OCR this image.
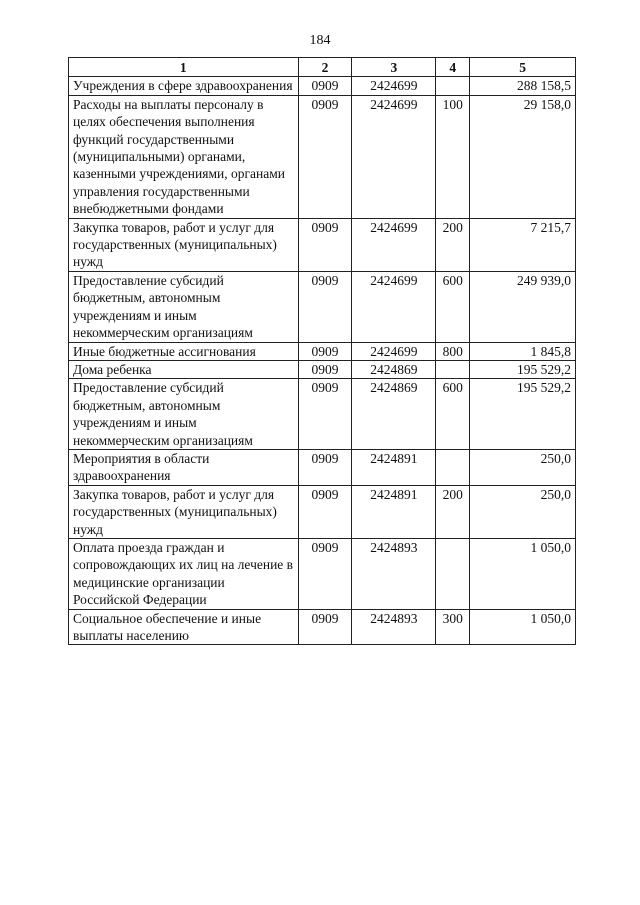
184
1	2	3	4	5
Учреждения в сфере здравоохранения	0909	2424699		288 158,5
Расходы на выплаты персоналу в целях обеспечения выполнения функций государственными (муниципальными) органами, казенными учреждениями, органами управления государственными внебюджетными фондами	0909	2424699	100	29 158,0
Закупка товаров, работ и услуг для государственных (муниципальных) нужд	0909	2424699	200	7 215,7
Предоставление субсидий бюджетным, автономным учреждениям и иным некоммерческим организациям	0909	2424699	600	249 939,0
Иные бюджетные ассигнования	0909	2424699	800	1 845,8
Дома ребенка	0909	2424869		195 529,2
Предоставление субсидий бюджетным, автономным учреждениям и иным некоммерческим организациям	0909	2424869	600	195 529,2
Мероприятия в области здравоохранения	0909	2424891		250,0
Закупка товаров, работ и услуг для государственных (муниципальных) нужд	0909	2424891	200	250,0
Оплата проезда граждан и сопровождающих их лиц на лечение в медицинские организации Российской Федерации	0909	2424893		1 050,0
Социальное обеспечение и иные выплаты населению	0909	2424893	300	1 050,0
